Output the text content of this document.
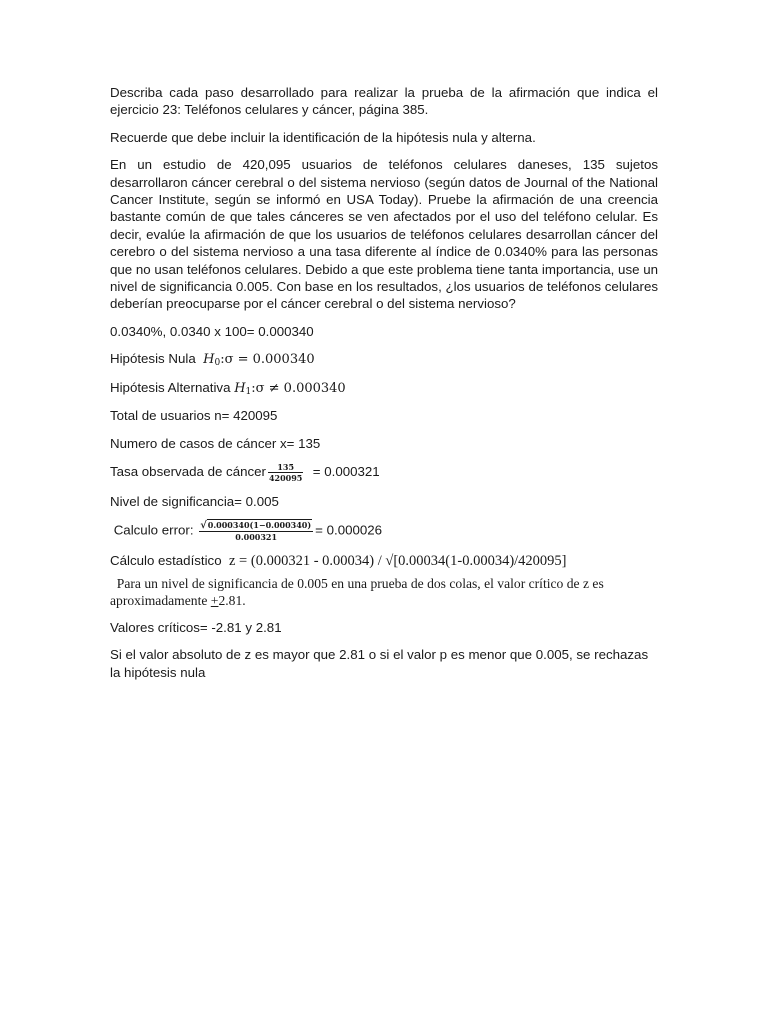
Describa cada paso desarrollado para realizar la prueba de la afirmación que indica el ejercicio 23: Teléfonos celulares y cáncer, página 385.

Recuerde que debe incluir la identificación de la hipótesis nula y alterna.

En un estudio de 420,095 usuarios de teléfonos celulares daneses, 135 sujetos desarrollaron cáncer cerebral o del sistema nervioso (según datos de Journal of the National Cancer Institute, según se informó en USA Today). Pruebe la afirmación de una creencia bastante común de que tales cánceres se ven afectados por el uso del teléfono celular. Es decir, evalúe la afirmación de que los usuarios de teléfonos celulares desarrollan cáncer del cerebro o del sistema nervioso a una tasa diferente al índice de 0.0340% para las personas que no usan teléfonos celulares. Debido a que este problema tiene tanta importancia, use un nivel de significancia 0.005. Con base en los resultados, ¿los usuarios de teléfonos celulares deberían preocuparse por el cáncer cerebral o del sistema nervioso?

0.0340%, 0.0340 x 100= 0.000340

Hipótesis Nula $H_0:\sigma = 0.000340$

Hipótesis Alternativa $H_1:\sigma \ne 0.000340$

Total de usuarios n= 420095

Numero de casos de cáncer x= 135

Tasa observada de cáncer $\frac{135}{420095} = 0.000321$

Nivel de significancia= 0.005

Calculo error: $\frac{√0.000340(1-0.000340)}{0.000321} = 0.000026$

Cálculo estadístico z = (0.000321 - 0.00034) / √[0.00034(1-0.00034)/420095]

Para un nivel de significancia de 0.005 en una prueba de dos colas, el valor crítico de z es aproximadamente +2.81.

Valores críticos= -2.81 y 2.81

Si el valor absoluto de z es mayor que 2.81 o si el valor p es menor que 0.005, se rechazas la hipótesis nula
